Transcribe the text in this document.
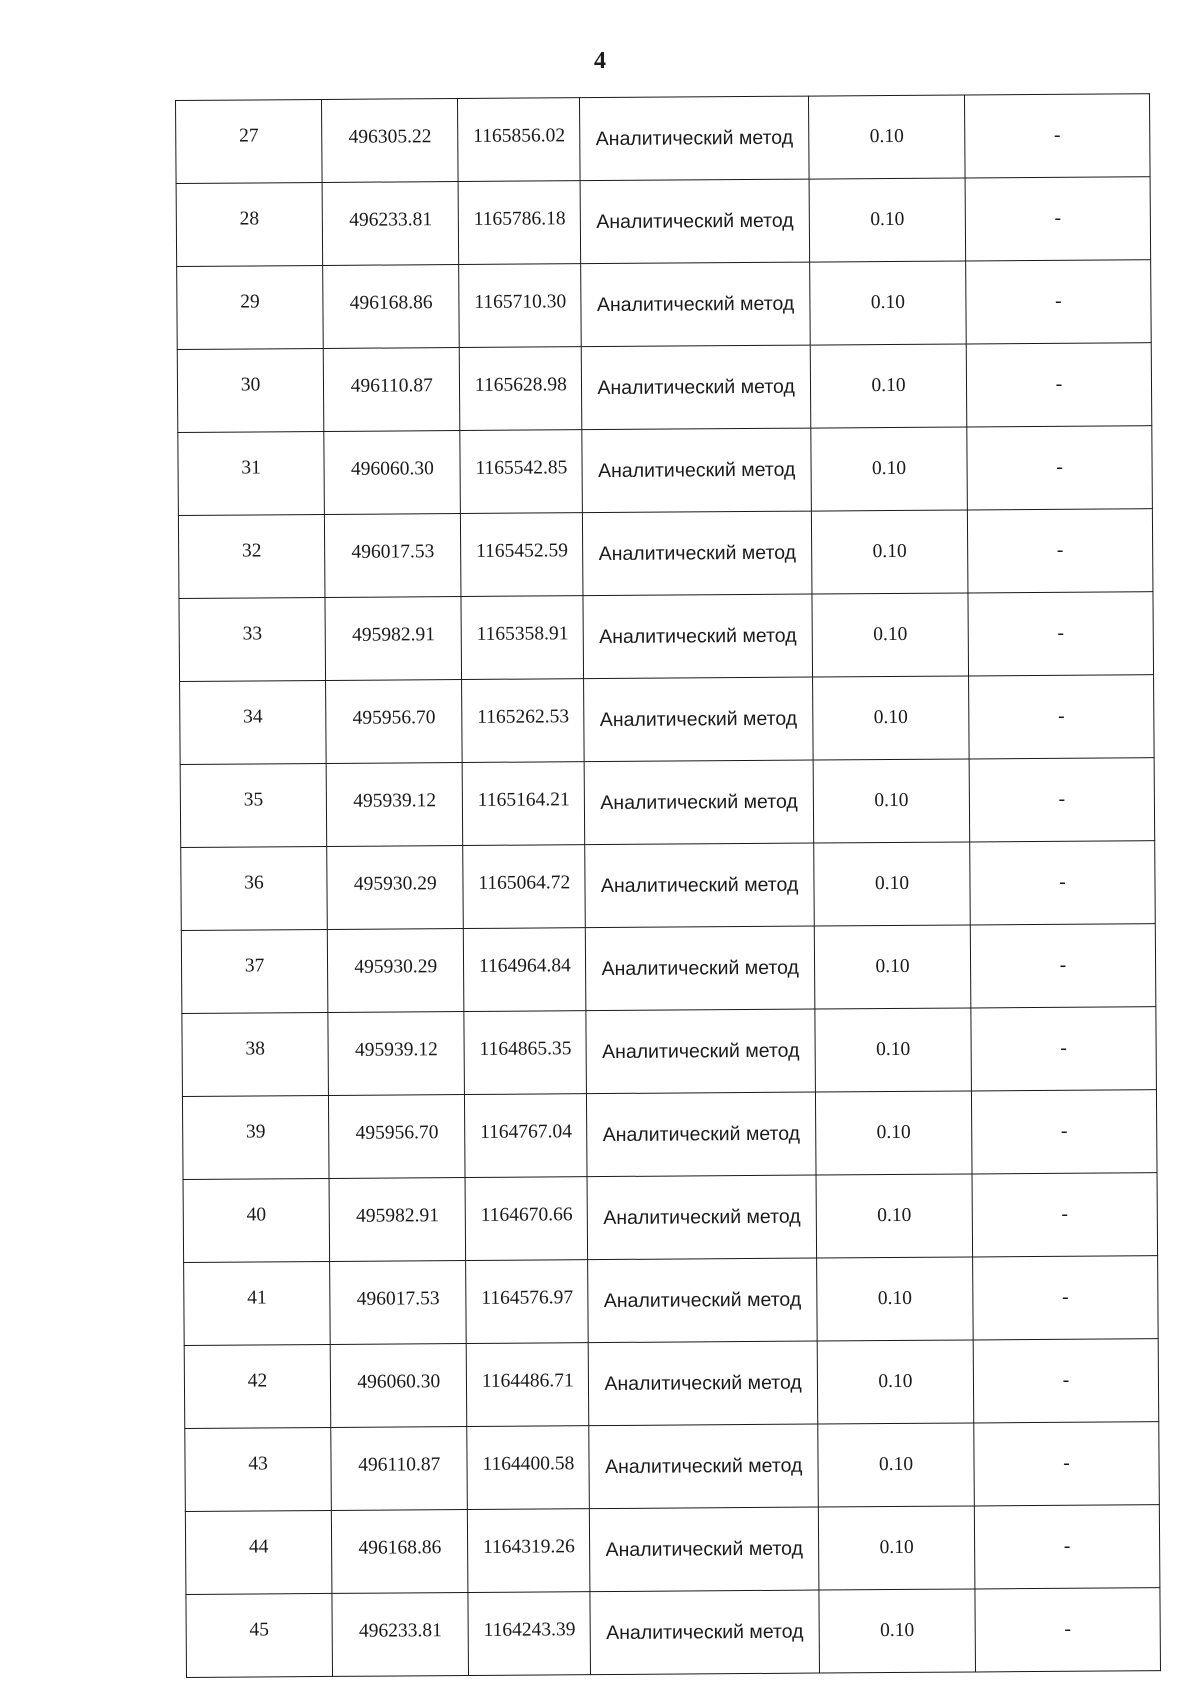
4
27	496305.22	1165856.02	Аналитический метод	0.10	-
28	496233.81	1165786.18	Аналитический метод	0.10	-
29	496168.86	1165710.30	Аналитический метод	0.10	-
30	496110.87	1165628.98	Аналитический метод	0.10	-
31	496060.30	1165542.85	Аналитический метод	0.10	-
32	496017.53	1165452.59	Аналитический метод	0.10	-
33	495982.91	1165358.91	Аналитический метод	0.10	-
34	495956.70	1165262.53	Аналитический метод	0.10	-
35	495939.12	1165164.21	Аналитический метод	0.10	-
36	495930.29	1165064.72	Аналитический метод	0.10	-
37	495930.29	1164964.84	Аналитический метод	0.10	-
38	495939.12	1164865.35	Аналитический метод	0.10	-
39	495956.70	1164767.04	Аналитический метод	0.10	-
40	495982.91	1164670.66	Аналитический метод	0.10	-
41	496017.53	1164576.97	Аналитический метод	0.10	-
42	496060.30	1164486.71	Аналитический метод	0.10	-
43	496110.87	1164400.58	Аналитический метод	0.10	-
44	496168.86	1164319.26	Аналитический метод	0.10	-
45	496233.81	1164243.39	Аналитический метод	0.10	-
